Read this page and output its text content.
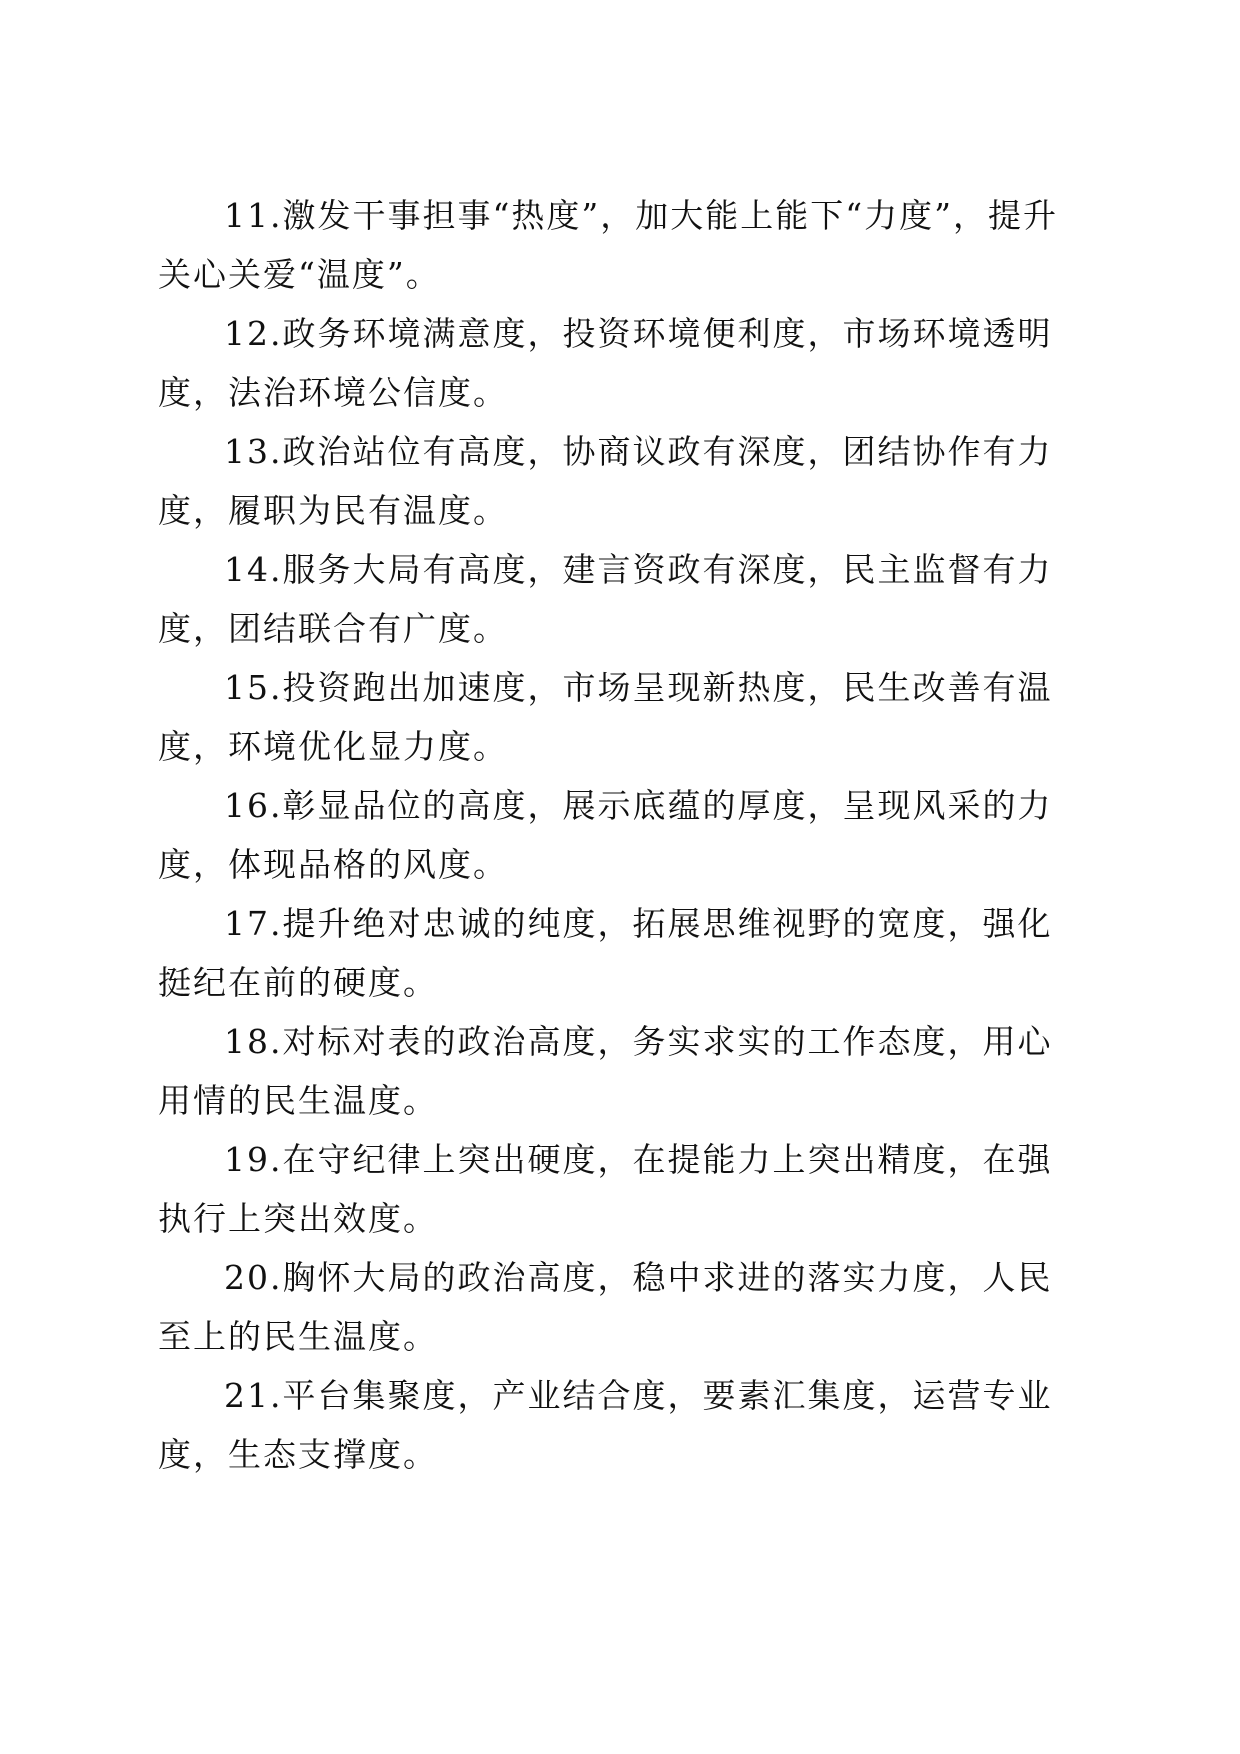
11.激发干事担事“热度”，加大能上能下“力度”，提升关心关爱“温度”。

12.政务环境满意度，投资环境便利度，市场环境透明度，法治环境公信度。

13.政治站位有高度，协商议政有深度，团结协作有力度，履职为民有温度。

14.服务大局有高度，建言资政有深度，民主监督有力度，团结联合有广度。

15.投资跑出加速度，市场呈现新热度，民生改善有温度，环境优化显力度。

16.彰显品位的高度，展示底蕴的厚度，呈现风采的力度，体现品格的风度。

17.提升绝对忠诚的纯度，拓展思维视野的宽度，强化挺纪在前的硬度。

18.对标对表的政治高度，务实求实的工作态度，用心用情的民生温度。

19.在守纪律上突出硬度，在提能力上突出精度，在强执行上突出效度。

20.胸怀大局的政治高度，稳中求进的落实力度，人民至上的民生温度。

21.平台集聚度，产业结合度，要素汇集度，运营专业度，生态支撑度。
